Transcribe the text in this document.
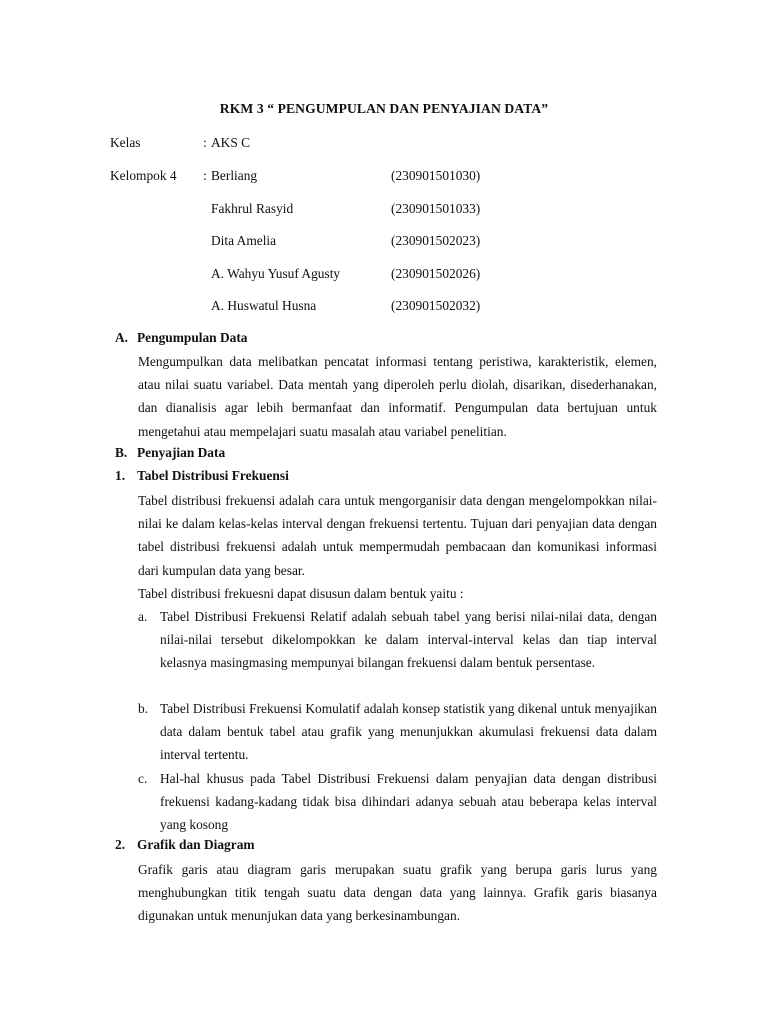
RKM 3 “ PENGUMPULAN DAN PENYAJIAN DATA”
Kelas	: AKS C
Kelompok 4 : Berliang	(230901501030)
Fakhrul Rasyid	(230901501033)
Dita Amelia	(230901502023)
A. Wahyu Yusuf Agusty	(230901502026)
A. Huswatul Husna	(230901502032)
A. Pengumpulan Data
Mengumpulkan data melibatkan pencatat informasi tentang peristiwa, karakteristik, elemen, atau nilai suatu variabel. Data mentah yang diperoleh perlu diolah, disarikan, disederhanakan, dan dianalisis agar lebih bermanfaat dan informatif. Pengumpulan data bertujuan untuk mengetahui atau mempelajari suatu masalah atau variabel penelitian.
B. Penyajian Data
1. Tabel Distribusi Frekuensi
Tabel distribusi frekuensi adalah cara untuk mengorganisir data dengan mengelompokkan nilai-nilai ke dalam kelas-kelas interval dengan frekuensi tertentu. Tujuan dari penyajian data dengan tabel distribusi frekuensi adalah untuk mempermudah pembacaan dan komunikasi informasi dari kumpulan data yang besar.
Tabel distribusi frekuesni dapat disusun dalam bentuk yaitu :
a. Tabel Distribusi Frekuensi Relatif adalah sebuah tabel yang berisi nilai-nilai data, dengan nilai-nilai tersebut dikelompokkan ke dalam interval-interval kelas dan tiap interval kelasnya masingmasing mempunyai bilangan frekuensi dalam bentuk persentase.
b. Tabel Distribusi Frekuensi Komulatif adalah konsep statistik yang dikenal untuk menyajikan data dalam bentuk tabel atau grafik yang menunjukkan akumulasi frekuensi data dalam interval tertentu.
c. Hal-hal khusus pada Tabel Distribusi Frekuensi dalam penyajian data dengan distribusi frekuensi kadang-kadang tidak bisa dihindari adanya sebuah atau beberapa kelas interval yang kosong
2. Grafik dan Diagram
Grafik garis atau diagram garis merupakan suatu grafik yang berupa garis lurus yang menghubungkan titik tengah suatu data dengan data yang lainnya. Grafik garis biasanya digunakan untuk menunjukan data yang berkesinambungan.
